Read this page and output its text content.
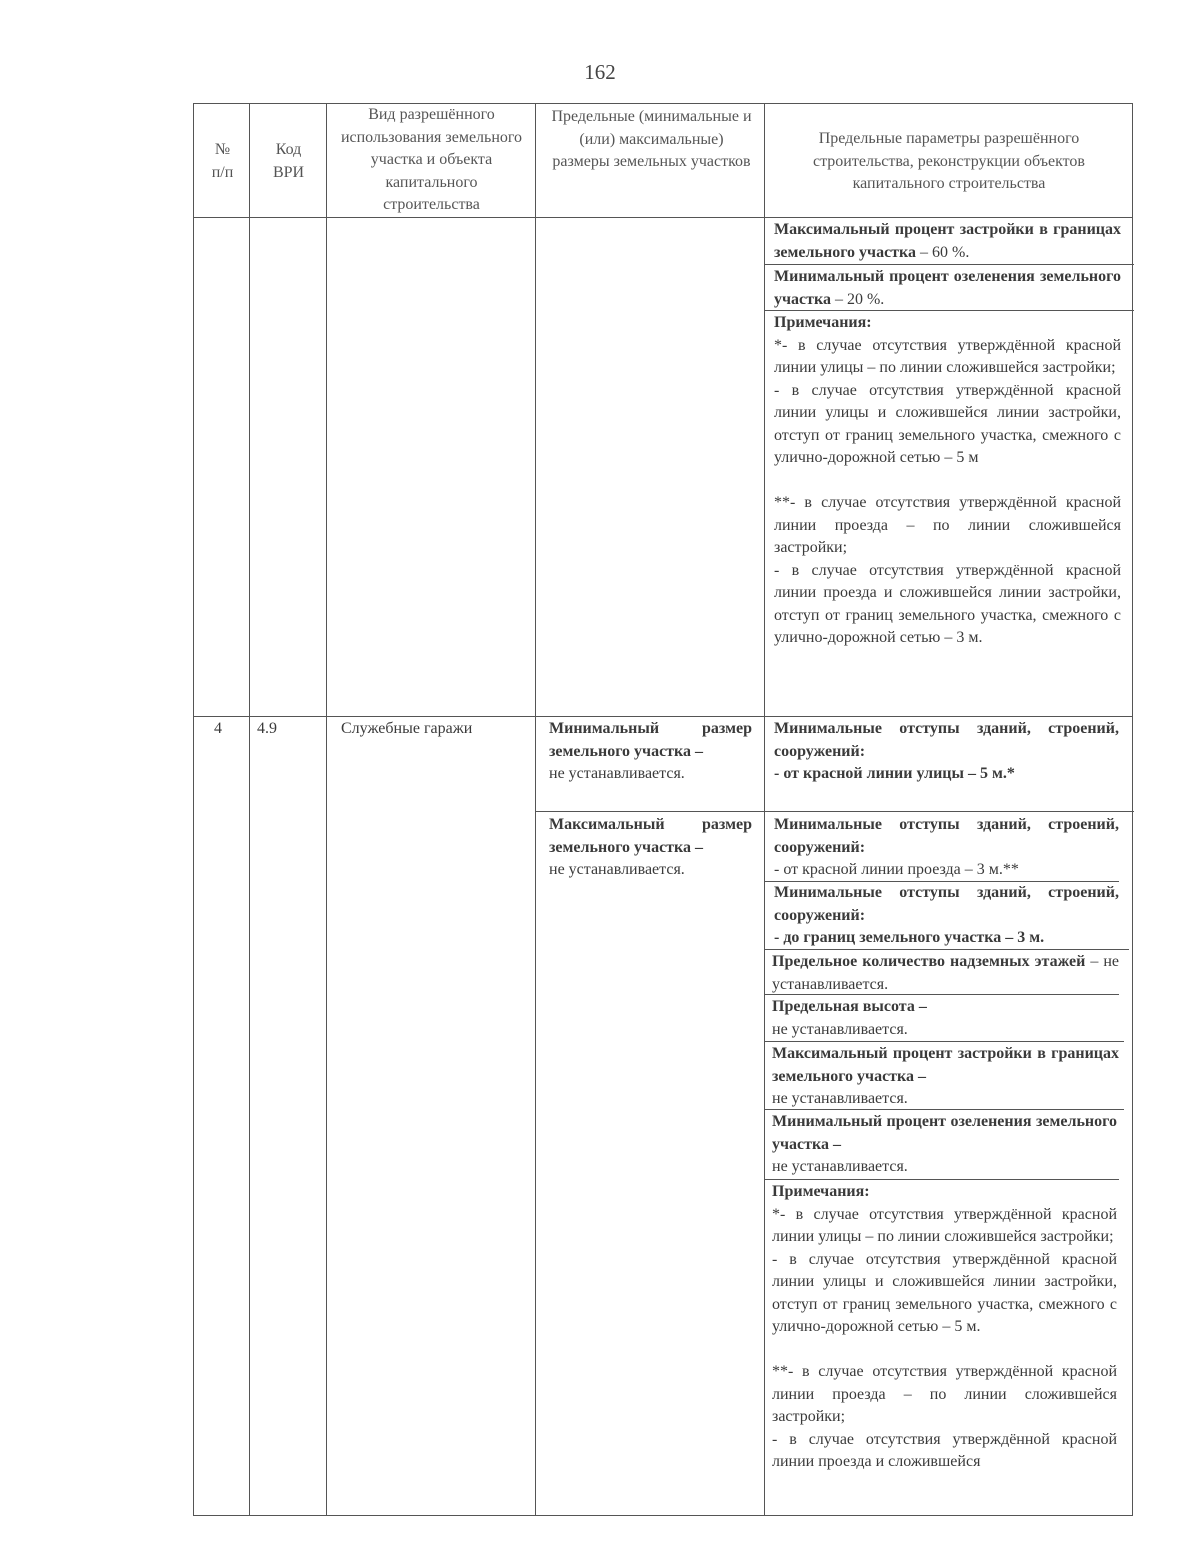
162
№
п/п
Код
ВРИ
Вид разрешённого использования земельного участка и объекта капитального строительства
Предельные (минимальные и (или) максимальные) размеры земельных участков
Предельные параметры разрешённого строительства, реконструкции объектов капитального строительства

Максимальный процент застройки в границах земельного участка – 60 %.

Минимальный процент озеленения земельного участка – 20 %.

Примечания:

*- в случае отсутствия утверждённой красной линии улицы – по линии сложившейся застройки;

- в случае отсутствия утверждённой красной линии улицы и сложившейся линии застройки, отступ от границ земельного участка, смежного с улично-дорожной сетью – 5 м

**- в случае отсутствия утверждённой красной линии проезда – по линии сложившейся застройки;

- в случае отсутствия утверждённой красной линии проезда и сложившейся линии застройки, отступ от границ земельного участка, смежного с улично-дорожной сетью – 3 м.

4 4.9	Служебные гаражи	Минимальный размер земельного участка –

не устанавливается.

Максимальный размер земельного участка –

не устанавливается.

Минимальные отступы зданий, строений, сооружений:

- от красной линии улицы – 5 м.*

Минимальные отступы зданий, строений, сооружений:

- от красной линии проезда – 3 м.**

Минимальные отступы зданий, строений, сооружений:

- до границ земельного участка – 3 м.

Предельное количество надземных этажей – не устанавливается.

Предельная высота –

не устанавливается.

Максимальный процент застройки в границах земельного участка –

не устанавливается.

Минимальный процент озеленения земельного участка –

не устанавливается.

Примечания:

*- в случае отсутствия утверждённой красной линии улицы – по линии сложившейся застройки;

- в случае отсутствия утверждённой красной линии улицы и сложившейся линии застройки, отступ от границ земельного участка, смежного с улично-дорожной сетью – 5 м.

**- в случае отсутствия утверждённой красной линии проезда – по линии сложившейся застройки;

- в случае отсутствия утверждённой красной линии проезда и сложившейся
